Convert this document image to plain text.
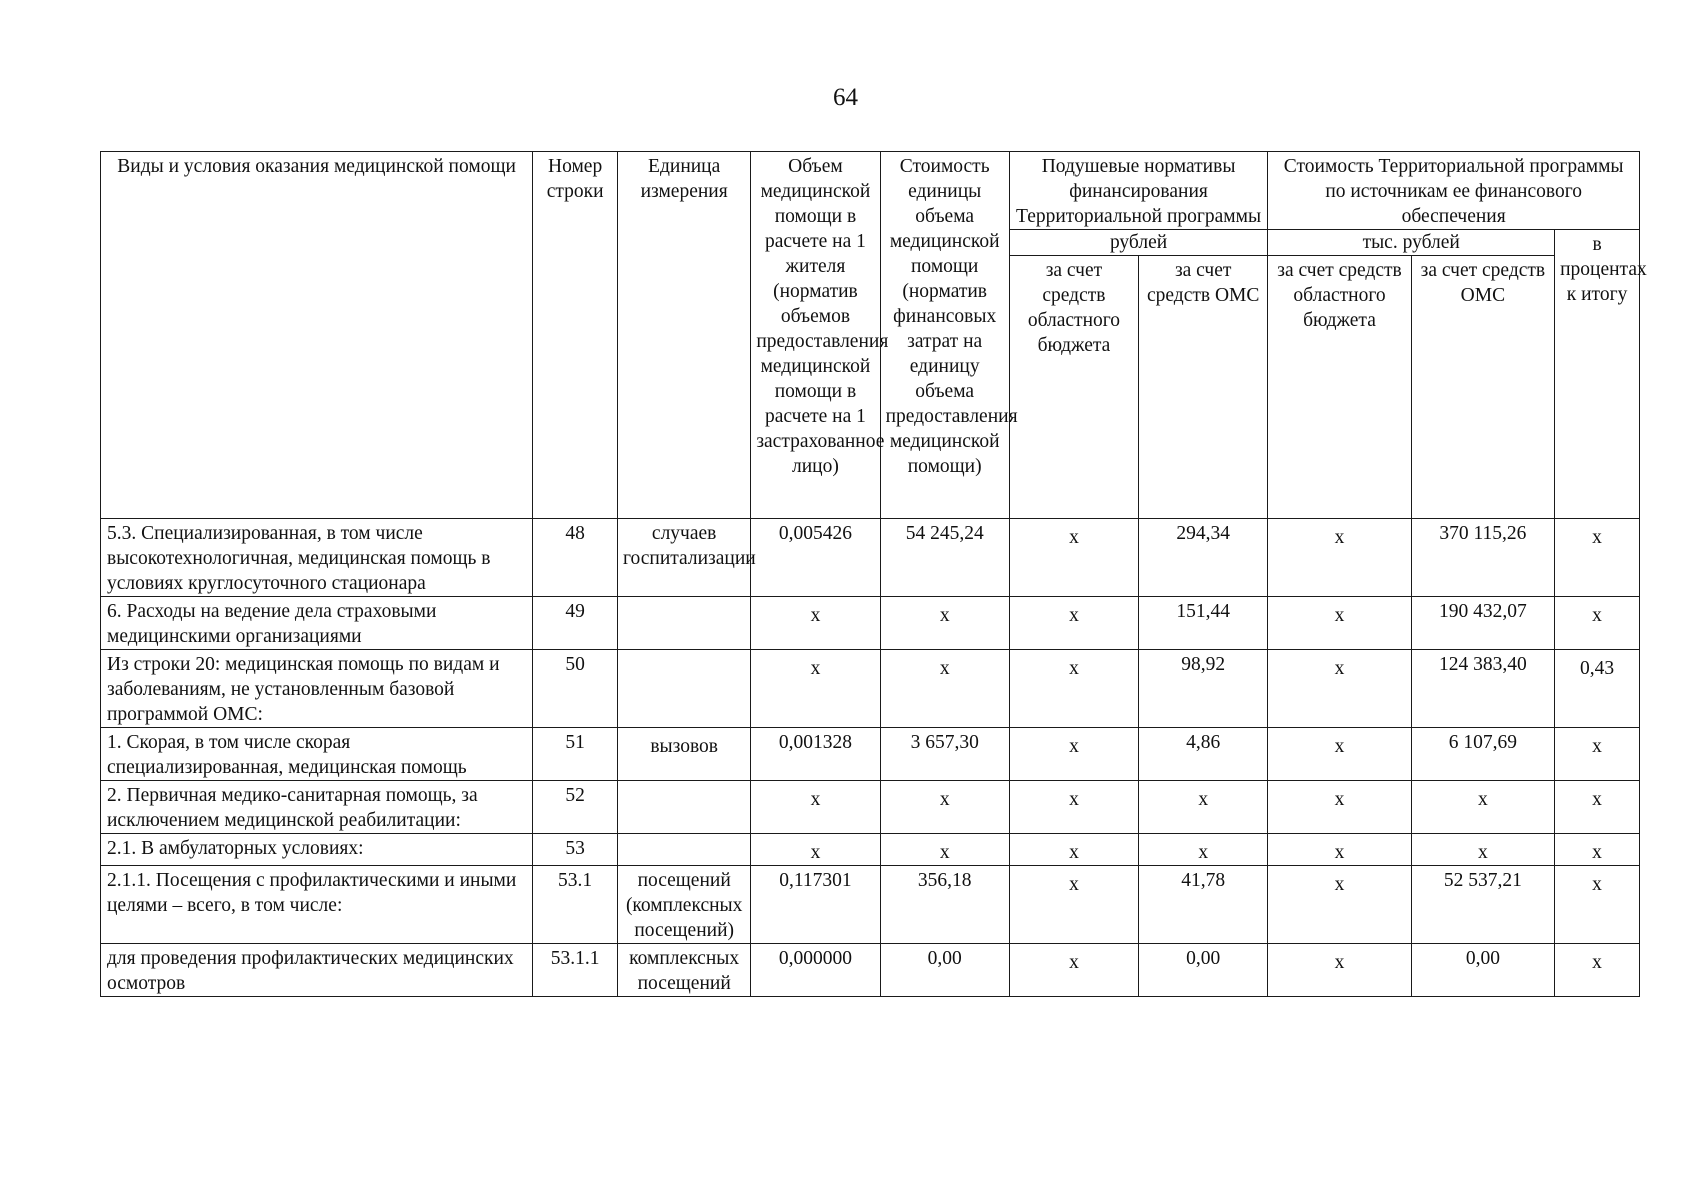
64
Виды и условия оказания медицинской помощи	Номер строки	Единица измерения	Объем медицинской помощи в расчете на 1 жителя (норматив объемов предоставления медицинской помощи в расчете на 1 застрахованное лицо)	Стоимость единицы объема медицинской помощи (норматив финансовых затрат на единицу объема предоставления медицинской помощи)	Подушевые нормативы финансирования Территориальной программы		Стоимость Территориальной программы по источникам ее финансового обеспечения		
					рублей		тыс. рублей		в процентах к итогу
					за счет средств областного бюджета	за счет средств ОМС	за счет средств областного бюджета	за счет средств ОМС	
5.3. Специализированная, в том числе высокотехнологичная, медицинская помощь в условиях круглосуточного стационара	48	случаев госпитализации	0,005426	54 245,24	х	294,34	х	370 115,26	х
6. Расходы на ведение дела страховыми медицинскими организациями	49		х	х	х	151,44	х	190 432,07	х
Из строки 20: медицинская помощь по видам и заболеваниям, не установленным базовой программой ОМС:	50		х	х	х	98,92	х	124 383,40	0,43
1. Скорая, в том числе скорая специализированная, медицинская помощь	51	вызовов	0,001328	3 657,30	х	4,86	х	6 107,69	х
2. Первичная медико-санитарная помощь, за исключением медицинской реабилитации:	52		х	х	х	х	х	х	х
2.1. В амбулаторных условиях:	53		х	х	х	х	х	х	х
2.1.1. Посещения с профилактическими и иными целями – всего, в том числе:	53.1	посещений (комплексных посещений)	0,117301	356,18	х	41,78	х	52 537,21	х
для проведения профилактических медицинских осмотров	53.1.1	комплексных посещений	0,000000	0,00	х	0,00	х	0,00	х
